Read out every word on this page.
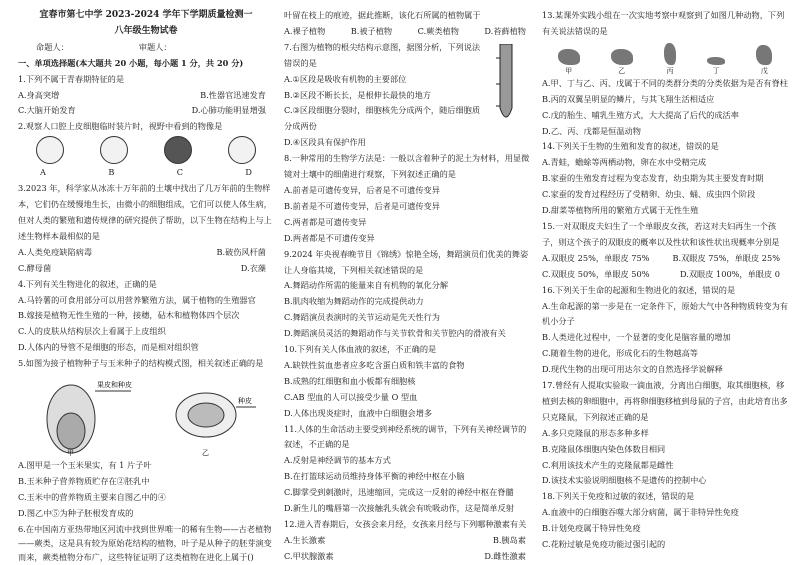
宜春市第七中学 2023-2024 学年下学期质量检测一
八年级生物试卷
命题人：	审题人：
一、单项选择题(本大题共 20 小题，每小题 1 分，共 20 分)
1.下列不属于青春期特征的是
A.身高突增	B.性器官迅速发育
C.大脑开始发育	D.心肺功能明显增强
2.观察人口腔上皮细胞临时装片时，视野中看到的物像是
A	B	C	D
3.2023 年，科学家从冰冻十万年前的土壤中找出了几万年前的生物样本，它们仍在缓慢地生长，由微小的细胞组成，它们可以使人体生病，但对人类的繁殖和遗传规律的研究提供了帮助，以下生物在结构上与上述生物样本最相似的是
A.人类免疫缺陷病毒	B.破伤风杆菌
C.酵母菌	D.衣藻
4.下列有关生物进化的叙述，正确的是
A.马铃薯的可食用部分可以用营养繁殖方法，属于植物的生殖器官
B.嫁接是植物无性生殖的一种，接穗，砧木和植物体四个层次
C.人的皮肤从结构层次上看属于上皮组织
D.人体内的导管不是细胞的形态，而是相对组织管
5.如图为接子植物种子与玉米种子的结构模式图，相关叙述正确的是
果皮和种皮
甲
种皮
乙
A.图甲是一个玉米果实，有 1 片子叶
B.玉米种子营养物质贮存在②胚乳中
C.玉米中的营养物质主要来自图乙中的④
D.图乙中⑤为种子胚根发育成的
6.在中国南方亚热带地区河流中找到世界唯一的稀有生物——古老植物——蕨类，这是具有较为原始花结构的植物，叶子是从种子的胚芽演变而来，蕨类植物分布广，这些特征证明了这类植物在进化上属于()
叶留在枝上的痕迹，据此推断，该化石所属的植物属于
A.裸子植物	B.被子植物	C.蕨类植物	D.苔藓植物
7.右图为植物的根尖结构示意图，据图分析，下列说法错误的是
A.①区段是吸收有机物的主要部位
B.②区段不断长长，是根伸长最快的地方
C.③区段细胞分裂时，细胞核先分成两个，随后细胞质分成两份
D.④区段具有保护作用
8.一种常用的生物学方法是：一般以含着种子的泥土为材料，用显微镜对土壤中的细菌进行观察，下列叙述正确的是
A.前者是可遗传变异，后者是不可遗传变异
B.前者是不可遗传变异，后者是可遗传变异
C.两者都是可遗传变异
D.两者都是不可遗传变异
9.2024 年央视春晚节目《锦绣》惊艳全场，舞蹈演员们优美的舞姿让人身临其境，下列相关叙述错误的是
A.舞蹈动作所需的能量来自有机物的氧化分解
B.肌肉收缩为舞蹈动作的完成提供动力
C.舞蹈演员表演时的关节运动是先天性行为
D.舞蹈演员灵活的舞蹈动作与关节软骨和关节腔内的滑液有关
10.下列有关人体血液的叙述，不正确的是
A.缺铁性贫血患者应多吃含蛋白质和铁丰富的食物
B.成熟的红细胞和血小板都有细胞核
C.AB 型血的人可以接受少量 O 型血
D.人体出现炎症时，血液中白细胞会增多
11.人体的生命活动主要受到神经系统的调节，下列有关神经调节的叙述，不正确的是
A.反射是神经调节的基本方式
B.在打篮球运动员维持身体平衡的神经中枢在小脑
C.脚掌受到刺激时，迅速缩回，完成这一反射的神经中枢在脊髓
D.新生儿的嘴唇第一次接触乳头就会有吮吸动作，这是简单反射
12.进入青春期后，女孩会来月经，女孩来月经与下列哪种激素有关
A.生长激素	B.胰岛素
C.甲状腺激素	D.雌性激素
13.某课外实践小组在一次实地考察中观察到了如图几种动物，下列有关说法错误的是
甲	乙	丙	丁	戊
A.甲、丁与乙、丙、戊属于不同的类群分类的分类依据为是否有脊柱
B.丙的双翼呈明显的鳞片，与其飞翔生活相适应
C.戊的胎生、哺乳生殖方式，大大提高了后代的成活率
D.乙、丙、戊都是恒温动物
14.下列关于生物的生殖和发育的叙述，错误的是
A.青蛙，蟾蜍等两栖动物，卵在水中受精完成
B.家蚕的生殖发育过程为变态发育，幼虫期为其主要发育时期
C.家蚕的发育过程经历了受精卵、幼虫、蛹、成虫四个阶段
D.甜菜等植物所用的繁殖方式属于无性生殖
15.一对双眼皮夫妇生了一个单眼皮女孩，若这对夫妇再生一个孩子，则这个孩子的双眼皮的概率以及性状和该性状出现概率分别是
A.双眼皮 25%，单眼皮 75%	B.双眼皮 75%，单眼皮 25%
C.双眼皮 50%，单眼皮 50%	D.双眼皮 100%，单眼皮 0
16.下列关于生命的起源和生物进化的叙述，错误的是
A.生命起源的第一步是在一定条件下，原始大气中各种物质转变为有机小分子
B.人类进化过程中，一个显著的变化是脑容量的增加
C.随着生物的进化，形成化石的生物越高等
D.现代生物的出现可用达尔文的自然选择学说解释
17.曾经有人提取实验取一滴血液，分离出白细胞，取其细胞核，移植到去核的卵细胞中，再将卵细胞移植到母鼠的子宫，由此培育出多只克隆鼠，下列叙述正确的是
A.多只克隆鼠的形态多种多样
B.克隆鼠体细胞内染色体数目相同
C.利用该技术产生的克隆鼠都是雌性
D.该技术实验说明细胞核不是遗传的控制中心
18.下列关于免疫和过敏的叙述，错误的是
A.血液中的白细胞吞噬大部分病菌，属于非特异性免疫
B.计划免疫属于特异性免疫
C.花粉过敏是免疫功能过强引起的
